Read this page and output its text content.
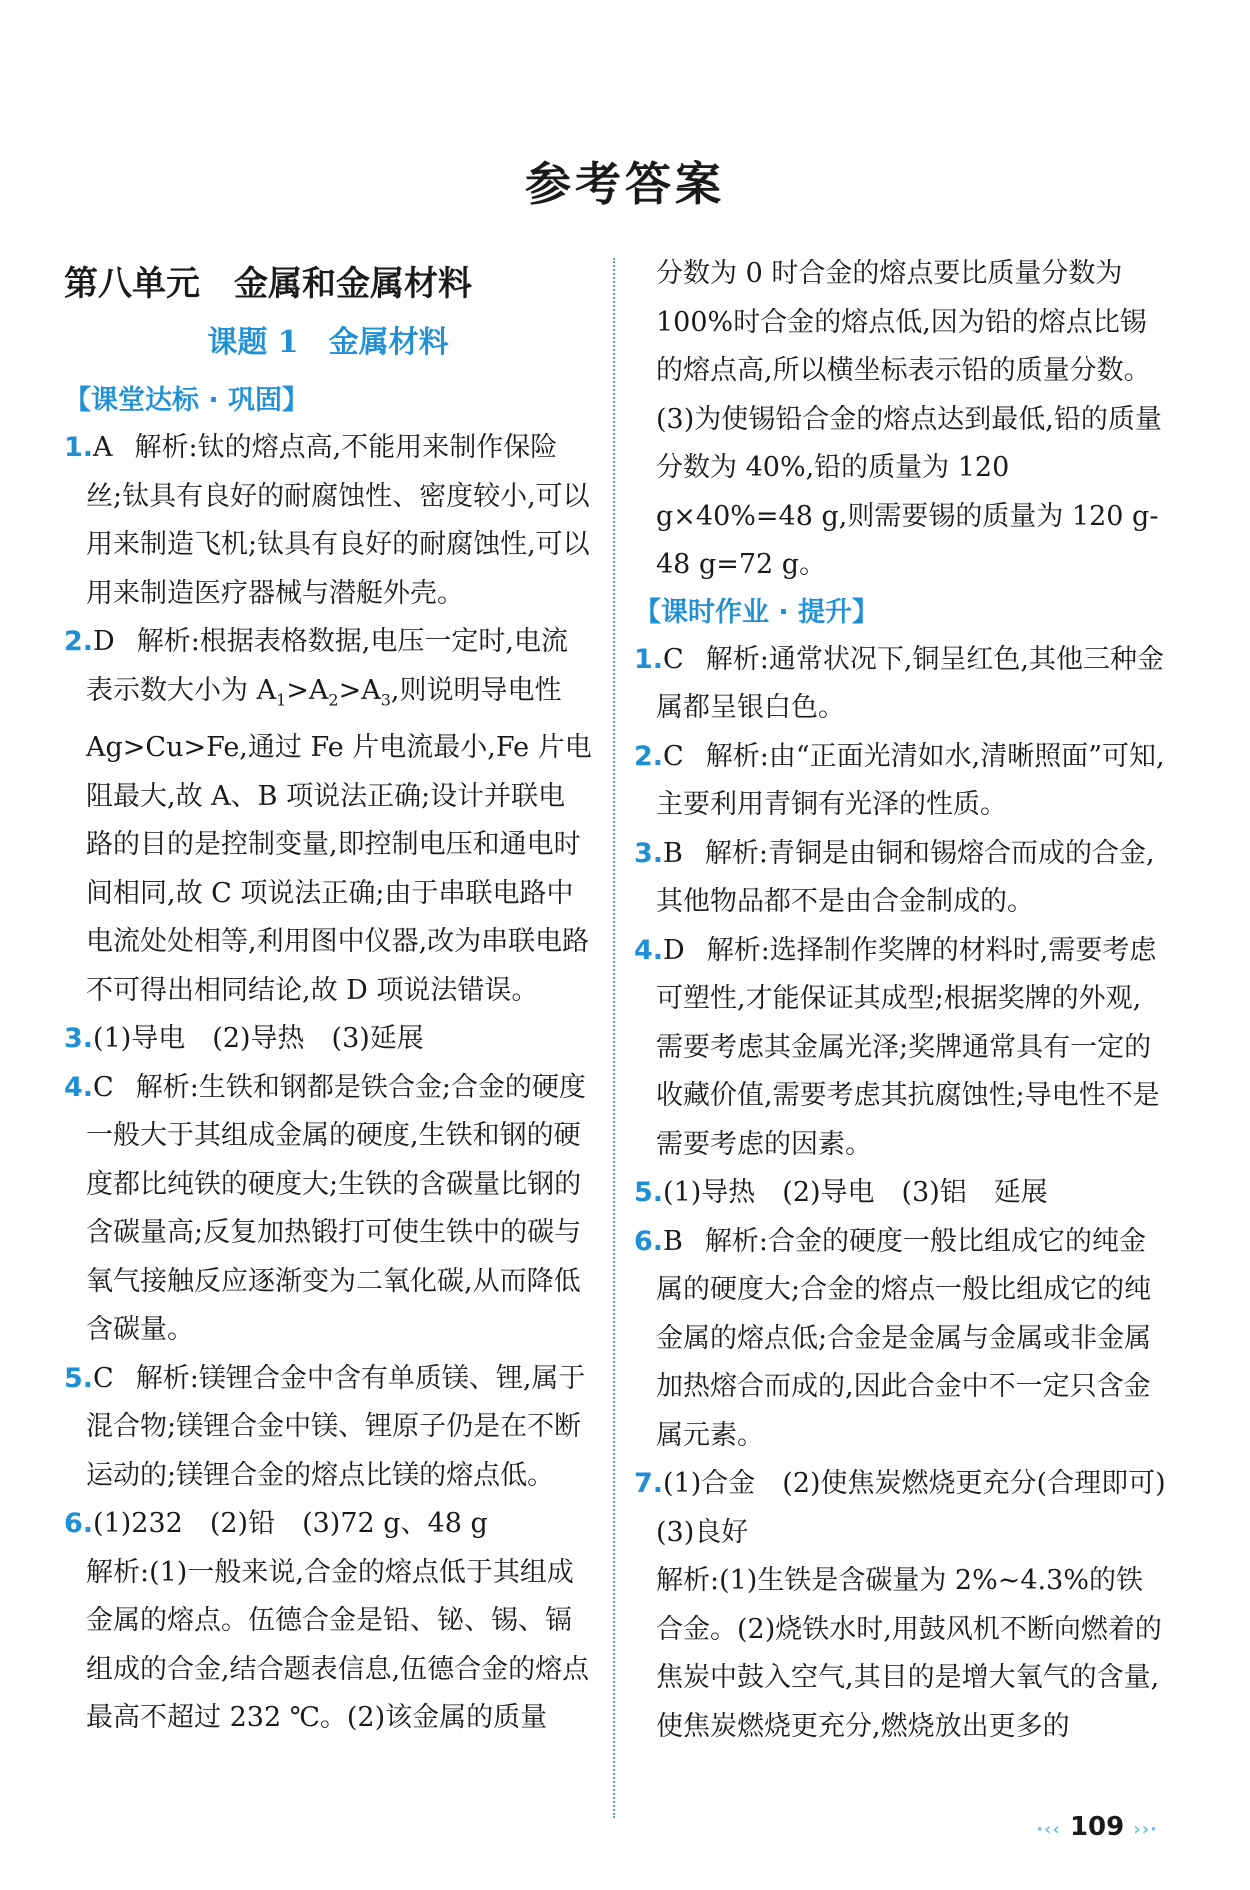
参考答案
第八单元　金属和金属材料
课题 1　金属材料
【课堂达标 · 巩固】

1.A 解析:钛的熔点高,不能用来制作保险丝;钛具有良好的耐腐蚀性、密度较小,可以用来制造飞机;钛具有良好的耐腐蚀性,可以用来制造医疗器械与潜艇外壳。

2.D 解析:根据表格数据,电压一定时,电流表示数大小为 $A_1>A_2>A_3$,则说明导电性Ag>Cu>Fe,通过 Fe 片电流最小,Fe 片电阻最大,故 A、B 项说法正确;设计并联电路的目的是控制变量,即控制电压和通电时间相同,故 C 项说法正确;由于串联电路中电流处处相等,利用图中仪器,改为串联电路不可得出相同结论,故 D 项说法错误。

3.(1)导电　(2)导热　(3)延展

4.C 解析:生铁和钢都是铁合金;合金的硬度一般大于其组成金属的硬度,生铁和钢的硬度都比纯铁的硬度大;生铁的含碳量比钢的含碳量高;反复加热锻打可使生铁中的碳与氧气接触反应逐渐变为二氧化碳,从而降低含碳量。

5.C 解析:镁锂合金中含有单质镁、锂,属于混合物;镁锂合金中镁、锂原子仍是在不断运动的;镁锂合金的熔点比镁的熔点低。

6.(1)232　(2)铅　(3)72 g、48 g

解析:(1)一般来说,合金的熔点低于其组成金属的熔点。伍德合金是铅、铋、锡、镉组成的合金,结合题表信息,伍德合金的熔点最高不超过 232 ℃。(2)该金属的质量

分数为 0 时合金的熔点要比质量分数为 100%时合金的熔点低,因为铅的熔点比锡的熔点高,所以横坐标表示铅的质量分数。(3)为使锡铅合金的熔点达到最低,铅的质量分数为 40%,铅的质量为 120 g×40%=48 g,则需要锡的质量为 120 g-48 g=72 g。

【课时作业 · 提升】

1.C 解析:通常状况下,铜呈红色,其他三种金属都呈银白色。

2.C 解析:由“正面光清如水,清晰照面”可知,主要利用青铜有光泽的性质。

3.B 解析:青铜是由铜和锡熔合而成的合金,其他物品都不是由合金制成的。

4.D 解析:选择制作奖牌的材料时,需要考虑可塑性,才能保证其成型;根据奖牌的外观,需要考虑其金属光泽;奖牌通常具有一定的收藏价值,需要考虑其抗腐蚀性;导电性不是需要考虑的因素。

5.(1)导热　(2)导电　(3)铝　延展

6.B 解析:合金的硬度一般比组成它的纯金属的硬度大;合金的熔点一般比组成它的纯金属的熔点低;合金是金属与金属或非金属加热熔合而成的,因此合金中不一定只含金属元素。

7.(1)合金　(2)使焦炭燃烧更充分(合理即可)　(3)良好

解析:(1)生铁是含碳量为 2%~4.3%的铁合金。(2)烧铁水时,用鼓风机不断向燃着的焦炭中鼓入空气,其目的是增大氧气的含量,使焦炭燃烧更充分,燃烧放出更多的

·‹‹ 109 ››·
